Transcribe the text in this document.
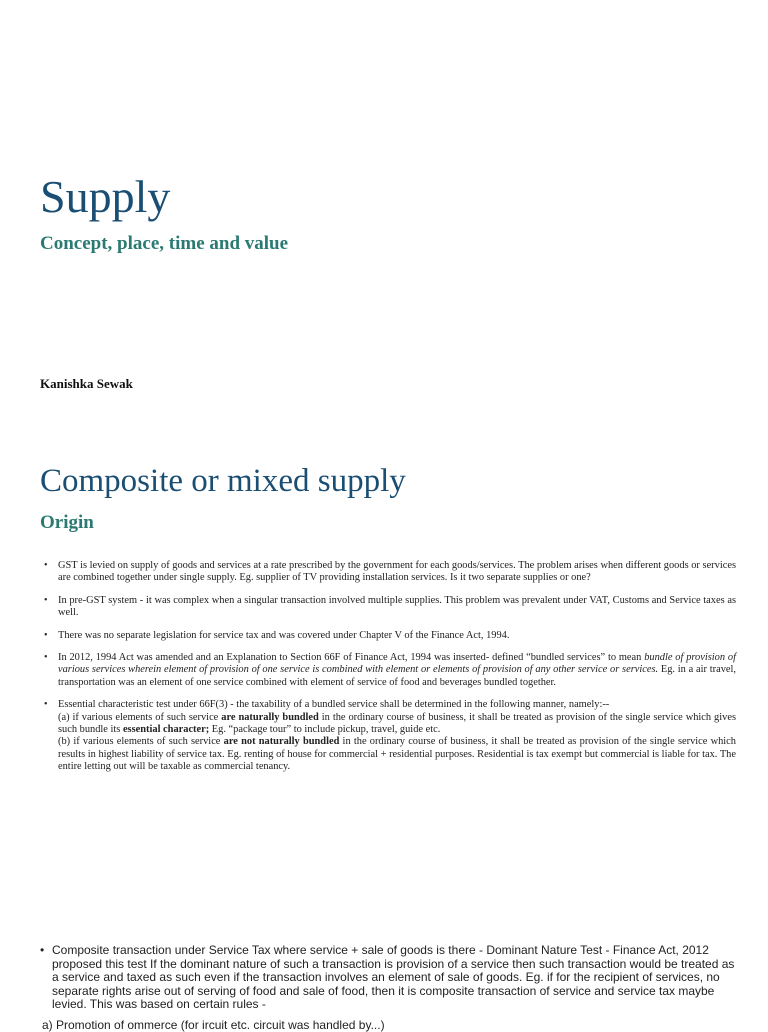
Supply
Concept, place, time and value

Kanishka Sewak

Composite or mixed supply
Origin
• GST is levied on supply of goods and services at a rate prescribed by the government for each goods/services. The problem arises when different goods or services are combined together under single supply. Eg. supplier of TV providing installation services. Is it two separate supplies or one?
• In pre-GST system - it was complex when a singular transaction involved multiple supplies. This problem was prevalent under VAT, Customs and Service taxes as well.
• There was no separate legislation for service tax and was covered under Chapter V of the Finance Act, 1994.
• In 2012, 1994 Act was amended and an Explanation to Section 66F of Finance Act, 1994 was inserted- defined “bundled services” to mean bundle of provision of various services wherein element of provision of one service is combined with element or elements of provision of any other service or services. Eg. in a air travel, transportation was an element of one service combined with element of service of food and beverages bundled together.
• Essential characteristic test under 66F(3) - the taxability of a bundled service shall be determined in the following manner, namely:--
(a) if various elements of such service are naturally bundled in the ordinary course of business, it shall be treated as provision of the single service which gives such bundle its essential character; Eg. “package tour” to include pickup, travel, guide etc.
(b) if various elements of such service are not naturally bundled in the ordinary course of business, it shall be treated as provision of the single service which results in highest liability of service tax. Eg. renting of house for commercial + residential purposes. Residential is tax exempt but commercial is liable for tax. The entire letting out will be taxable as commercial tenancy.
• Composite transaction under Service Tax where service + sale of goods is there - Dominant Nature Test - Finance Act, 2012 proposed this test If the dominant nature of such a transaction is provision of a service then such transaction would be treated as a service and taxed as such even if the transaction involves an element of sale of goods. Eg. if for the recipient of services, no separate rights arise out of serving of food and sale of food, then it is composite transaction of service and service tax maybe levied. This was based on certain rules -
a) Promotion of ommerce (for ircuit etc. circuit was handled by...)
